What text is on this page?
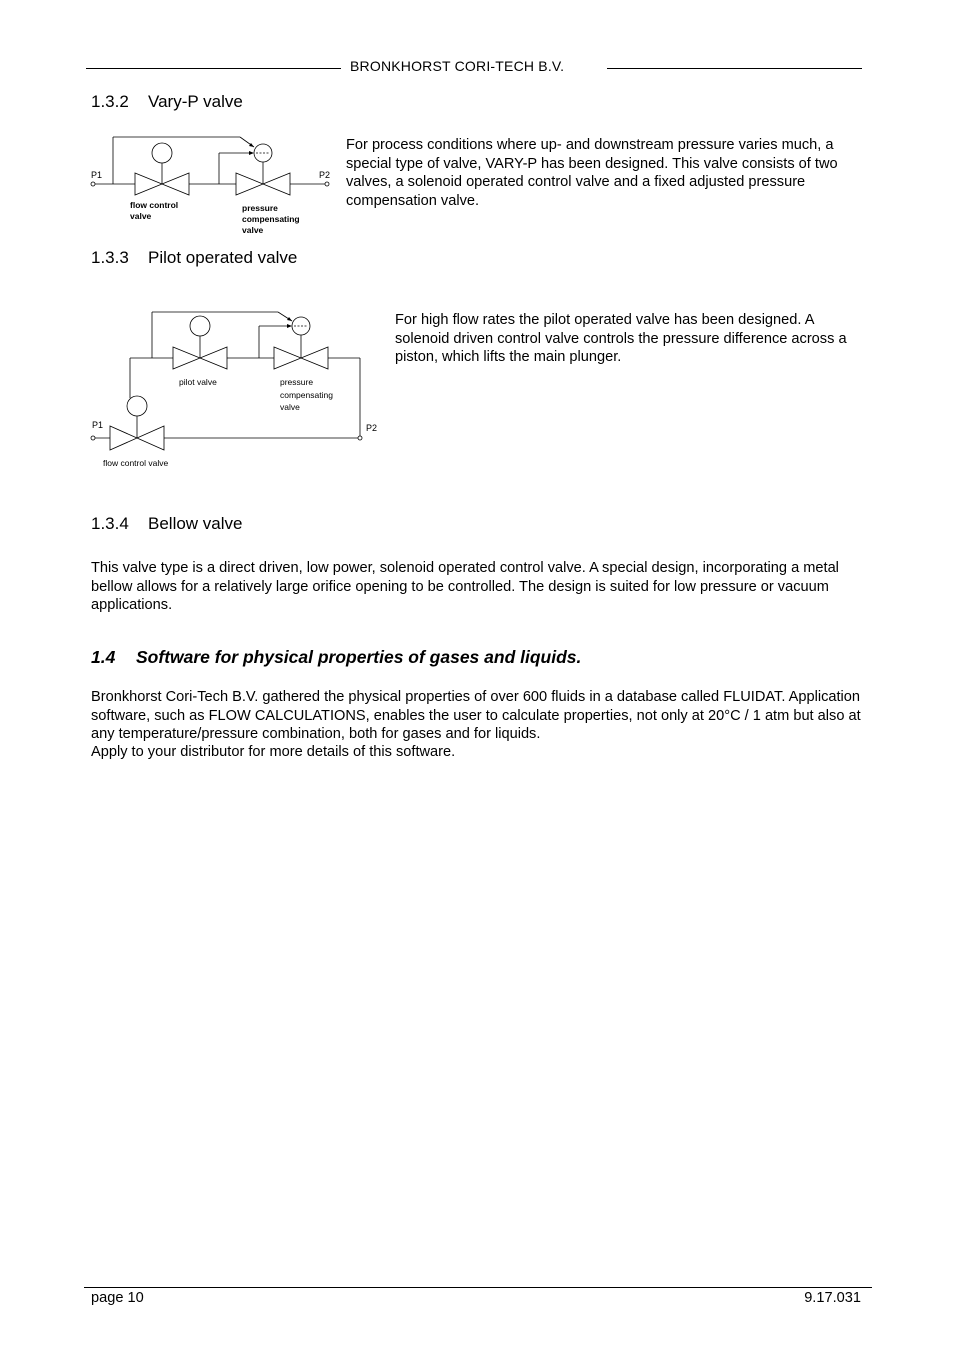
BRONKHORST CORI-TECH B.V.
1.3.2 Vary-P valve
P1	P2
flow control
valve
pressure
compensating
valve
For process conditions where up- and downstream pressure varies much, a special type of valve, VARY-P has been designed. This valve consists of two valves, a solenoid operated control valve and a fixed adjusted pressure compensation valve.
1.3.3 Pilot operated valve
P1	P2
pilot valve	pressure
compensating
valve
flow control valve
For high flow rates the pilot operated valve has been designed. A solenoid driven control valve controls the pressure difference across a piston, which lifts the main plunger.
1.3.4 Bellow valve
This valve type is a direct driven, low power, solenoid operated control valve. A special design, incorporating a metal bellow allows for a relatively large orifice opening to be controlled. The design is suited for low pressure or vacuum applications.
1.4 Software for physical properties of gases and liquids.
Bronkhorst Cori-Tech B.V. gathered the physical properties of over 600 fluids in a database called FLUIDAT. Application software, such as FLOW CALCULATIONS, enables the user to calculate properties, not only at 20°C / 1 atm but also at any temperature/pressure combination, both for gases and for liquids.
Apply to your distributor for more details of this software.
page 10	9.17.031
